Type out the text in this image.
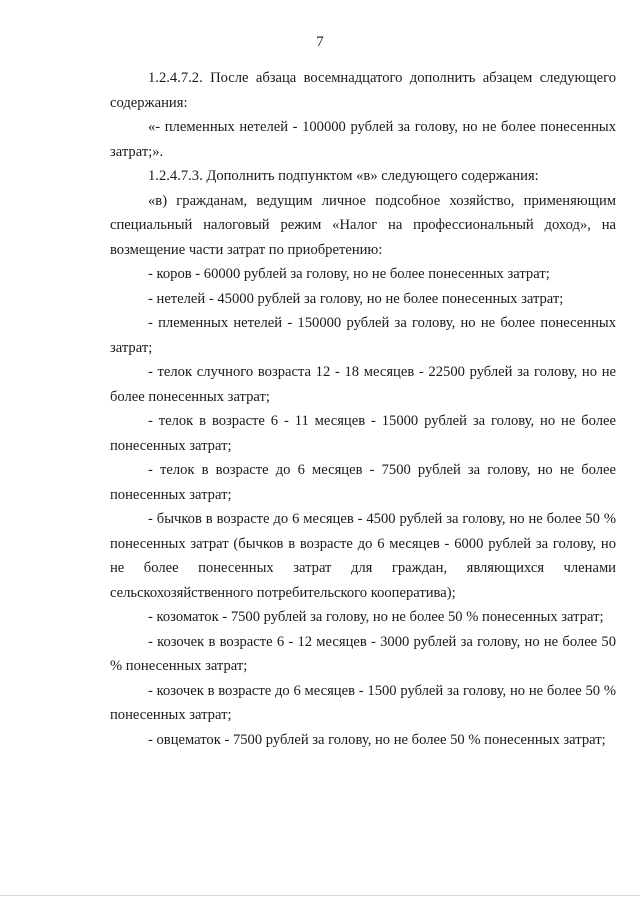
7

1.2.4.7.2. После абзаца восемнадцатого дополнить абзацем следующего содержания:

«- племенных нетелей - 100000 рублей за голову, но не более понесенных затрат;».

1.2.4.7.3. Дополнить подпунктом «в» следующего содержания:

«в) гражданам, ведущим личное подсобное хозяйство, применяющим специальный налоговый режим «Налог на профессиональный доход», на возмещение части затрат по приобретению:

- коров - 60000 рублей за голову, но не более понесенных затрат;

- нетелей - 45000 рублей за голову, но не более понесенных затрат;

- племенных нетелей - 150000 рублей за голову, но не более понесенных затрат;

- телок случного возраста 12 - 18 месяцев - 22500 рублей за голову, но не более понесенных затрат;

- телок в возрасте 6 - 11 месяцев - 15000 рублей за голову, но не более понесенных затрат;

- телок в возрасте до 6 месяцев - 7500 рублей за голову, но не более понесенных затрат;

- бычков в возрасте до 6 месяцев - 4500 рублей за голову, но не более 50 % понесенных затрат (бычков в возрасте до 6 месяцев - 6000 рублей за голову, но не более понесенных затрат для граждан, являющихся членами сельскохозяйственного потребительского кооператива);

- козоматок - 7500 рублей за голову, но не более 50 % понесенных затрат;

- козочек в возрасте 6 - 12 месяцев - 3000 рублей за голову, но не более 50 % понесенных затрат;

- козочек в возрасте до 6 месяцев - 1500 рублей за голову, но не более 50 % понесенных затрат;

- овцематок - 7500 рублей за голову, но не более 50 % понесенных затрат;
